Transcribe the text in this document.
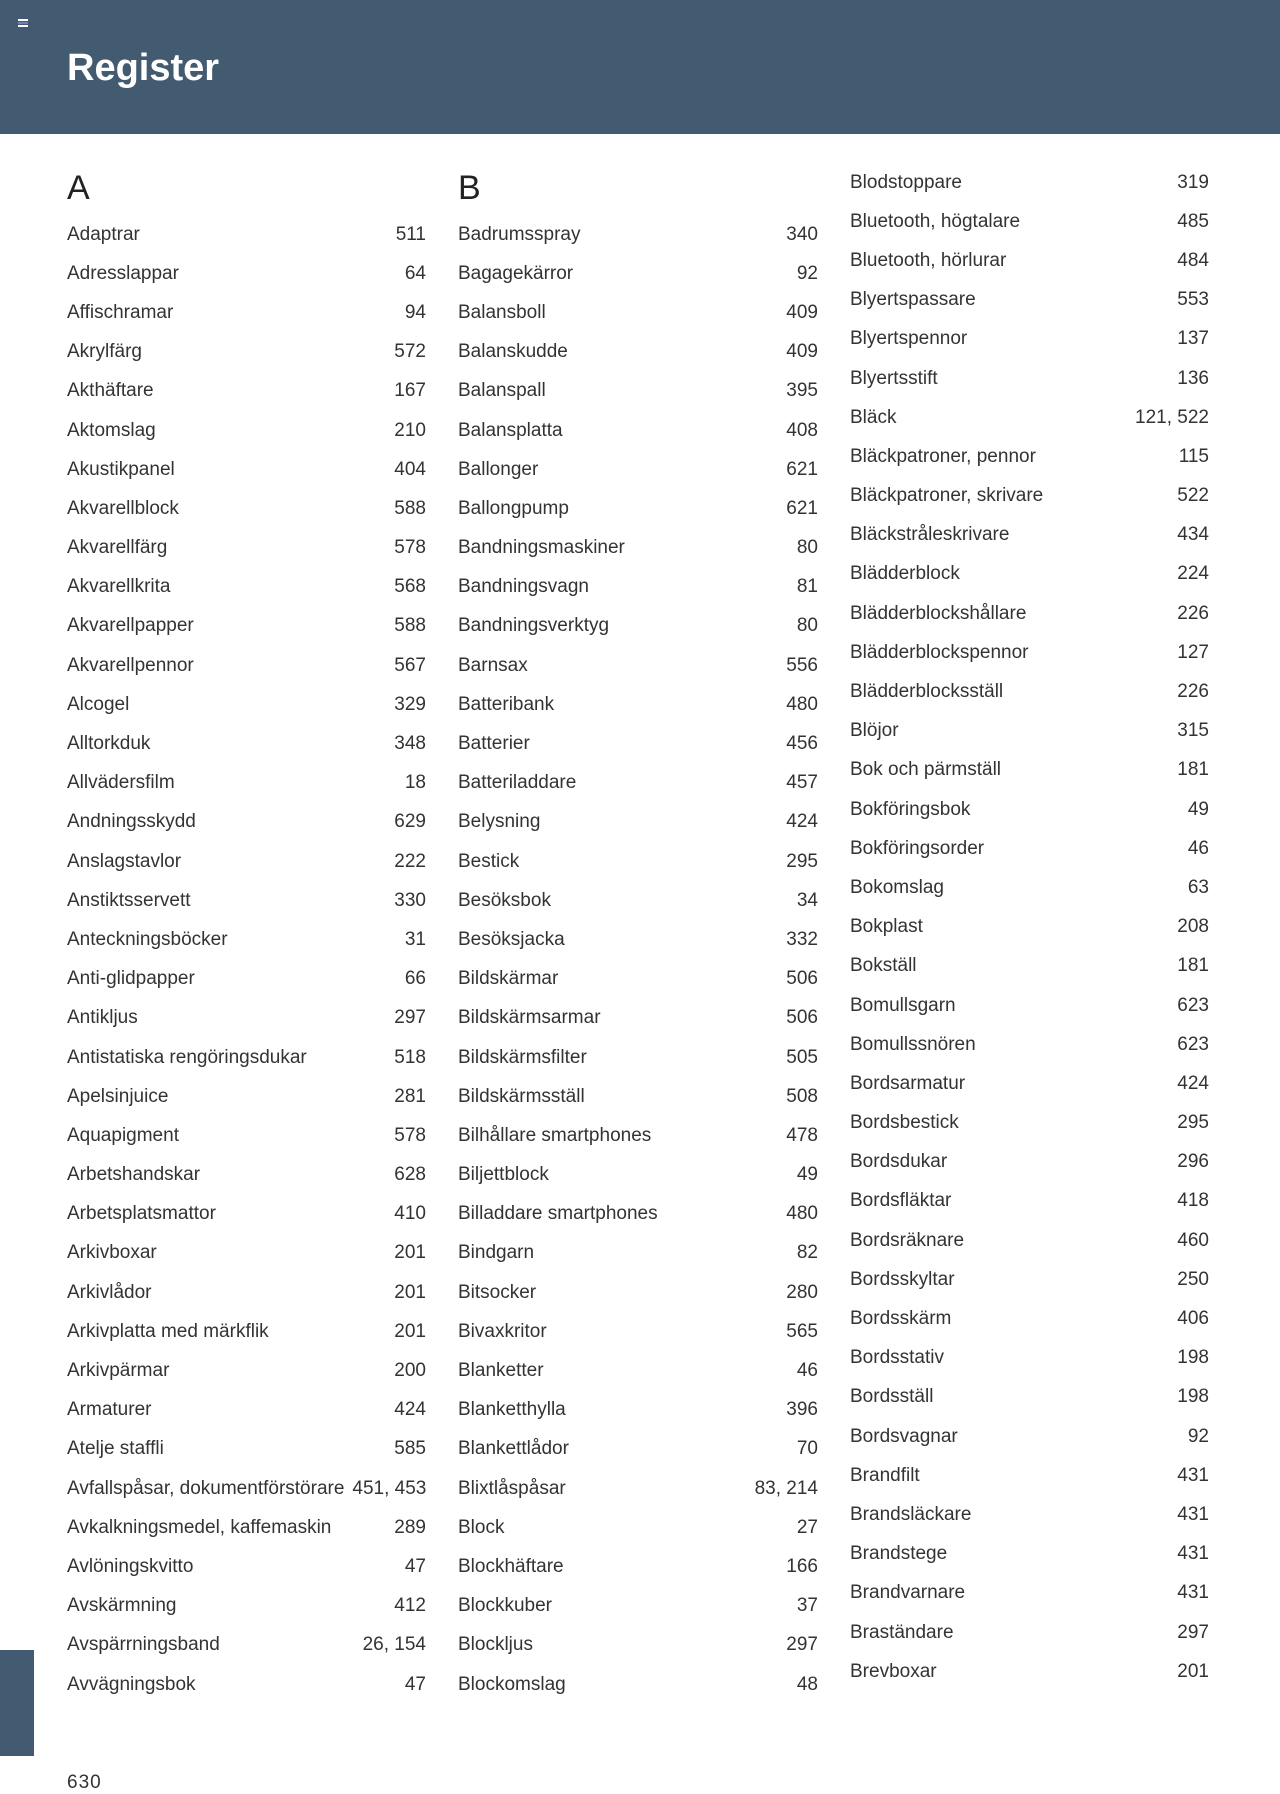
Register
A
Adaptrar	511
Adresslappar	64
Affischramar	94
Akrylfärg	572
Akthäftare	167
Aktomslag	210
Akustikpanel	404
Akvarellblock	588
Akvarellfärg	578
Akvarellkrita	568
Akvarellpapper	588
Akvarellpennor	567
Alcogel	329
Alltorkduk	348
Allvädersfilm	18
Andningsskydd	629
Anslagstavlor	222
Anstiktsservett	330
Anteckningsböcker	31
Anti-glidpapper	66
Antikljus	297
Antistatiska rengöringsdukar	518
Apelsinjuice	281
Aquapigment	578
Arbetshandskar	628
Arbetsplatsmattor	410
Arkivboxar	201
Arkivlådor	201
Arkivplatta med märkflik	201
Arkivpärmar	200
Armaturer	424
Atelje staffli	585
Avfallspåsar, dokumentförstörare 451, 453
Avkalkningsmedel, kaffemaskin	289
Avlöningskvitto	47
Avskärmning	412
Avspärrningsband	26, 154
Avvägningsbok	47
B
Badrumsspray	340
Bagagekärror	92
Balansboll	409
Balanskudde	409
Balanspall	395
Balansplatta	408
Ballonger	621
Ballongpump	621
Bandningsmaskiner	80
Bandningsvagn	81
Bandningsverktyg	80
Barnsax	556
Batteribank	480
Batterier	456
Batteriladdare	457
Belysning	424
Bestick	295
Besöksbok	34
Besöksjacka	332
Bildskärmar	506
Bildskärmsarmar	506
Bildskärmsfilter	505
Bildskärmsställ	508
Bilhållare smartphones	478
Biljettblock	49
Billaddare smartphones	480
Bindgarn	82
Bitsocker	280
Bivaxkritor	565
Blanketter	46
Blanketthylla	396
Blankettlådor	70
Blixtlåspåsar	83, 214
Block	27
Blockhäftare	166
Blockkuber	37
Blockljus	297
Blockomslag	48
Blodstoppare	319
Bluetooth, högtalare	485
Bluetooth, hörlurar	484
Blyertspassare	553
Blyertspennor	137
Blyertsstift	136
Bläck	121, 522
Bläckpatroner, pennor	115
Bläckpatroner, skrivare	522
Bläckstråleskrivare	434
Blädderblock	224
Blädderblockshållare	226
Blädderblockspennor	127
Blädderblocksställ	226
Blöjor	315
Bok och pärmställ	181
Bokföringsbok	49
Bokföringsorder	46
Bokomslag	63
Bokplast	208
Bokställ	181
Bomullsgarn	623
Bomullssnören	623
Bordsarmatur	424
Bordsbestick	295
Bordsdukar	296
Bordsfläktar	418
Bordsräknare	460
Bordsskyltar	250
Bordsskärm	406
Bordsstativ	198
Bordsställ	198
Bordsvagnar	92
Brandfilt	431
Brandsläckare	431
Brandstege	431
Brandvarnare	431
Braständare	297
Brevboxar	201
630
